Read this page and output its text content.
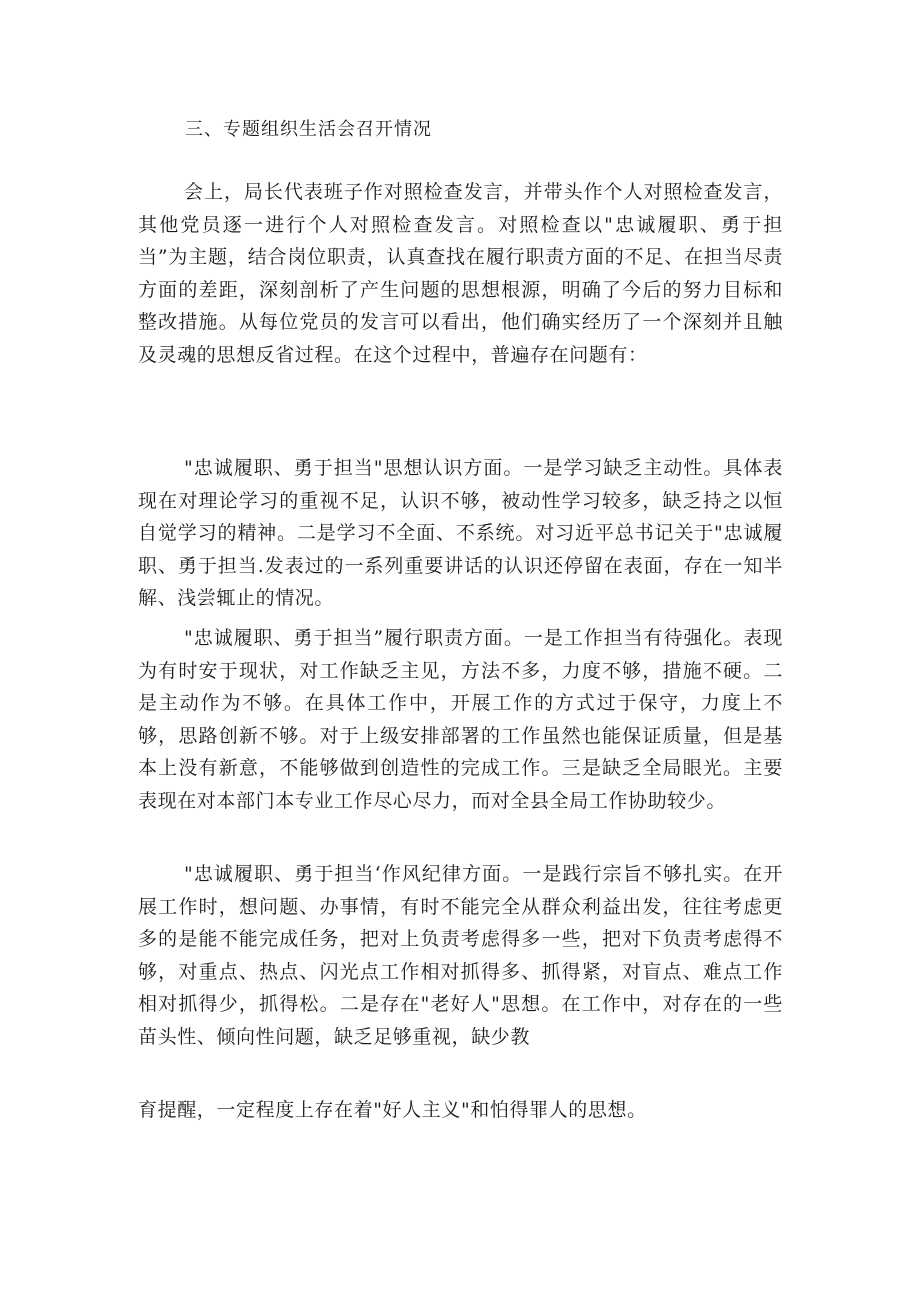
三、专题组织生活会召开情况

会上，局长代表班子作对照检查发言，并带头作个人对照检查发言，其他党员逐一进行个人对照检查发言。对照检查以"忠诚履职、勇于担当”为主题，结合岗位职责，认真查找在履行职责方面的不足、在担当尽责方面的差距，深刻剖析了产生问题的思想根源，明确了今后的努力目标和整改措施。从每位党员的发言可以看出，他们确实经历了一个深刻并且触及灵魂的思想反省过程。在这个过程中，普遍存在问题有：

"忠诚履职、勇于担当"思想认识方面。一是学习缺乏主动性。具体表现在对理论学习的重视不足，认识不够，被动性学习较多，缺乏持之以恒自觉学习的精神。二是学习不全面、不系统。对习近平总书记关于"忠诚履职、勇于担当.发表过的一系列重要讲话的认识还停留在表面，存在一知半解、浅尝辄止的情况。

"忠诚履职、勇于担当”履行职责方面。一是工作担当有待强化。表现为有时安于现状，对工作缺乏主见，方法不多，力度不够，措施不硬。二是主动作为不够。在具体工作中，开展工作的方式过于保守，力度上不够，思路创新不够。对于上级安排部署的工作虽然也能保证质量，但是基本上没有新意，不能够做到创造性的完成工作。三是缺乏全局眼光。主要表现在对本部门本专业工作尽心尽力，而对全县全局工作协助较少。

"忠诚履职、勇于担当‘作风纪律方面。一是践行宗旨不够扎实。在开展工作时，想问题、办事情，有时不能完全从群众利益出发，往往考虑更多的是能不能完成任务，把对上负责考虑得多一些，把对下负责考虑得不够，对重点、热点、闪光点工作相对抓得多、抓得紧，对盲点、难点工作相对抓得少，抓得松。二是存在"老好人"思想。在工作中，对存在的一些苗头性、倾向性问题，缺乏足够重视，缺少教

育提醒，一定程度上存在着"好人主义"和怕得罪人的思想。
